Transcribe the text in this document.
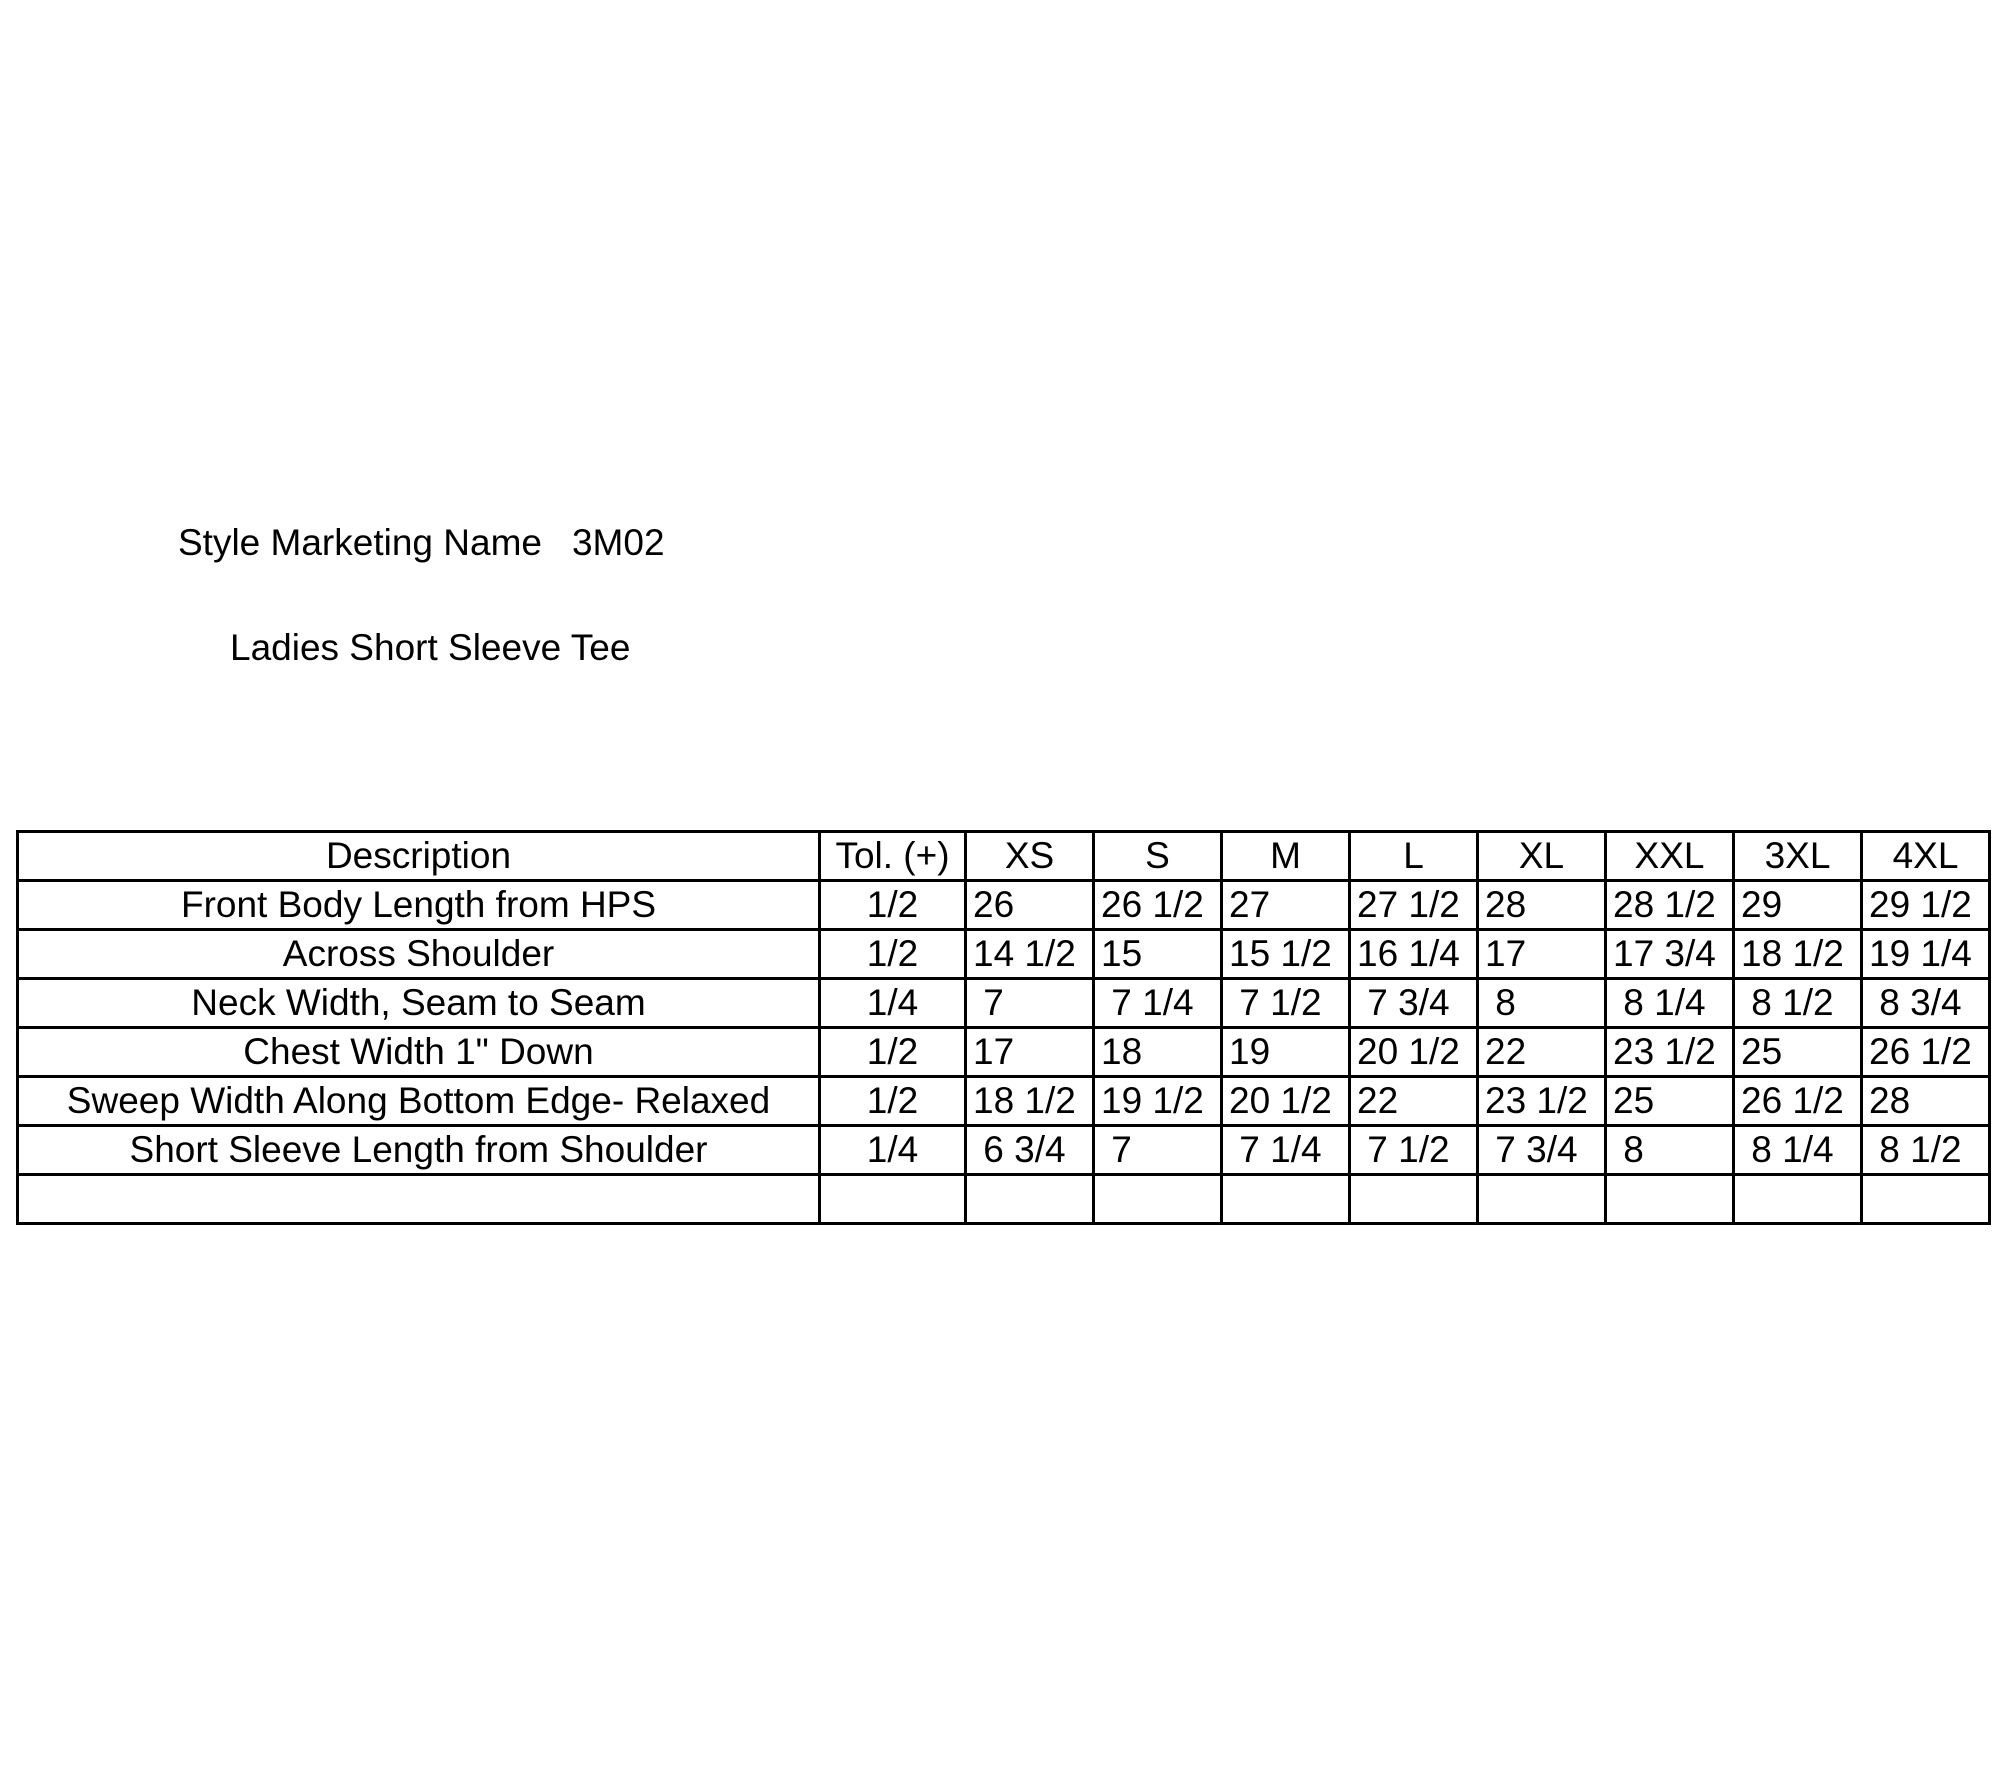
Style Marketing Name 3M02
Ladies Short Sleeve Tee
Description	Tol. (+)	XS	S	M	L	XL	XXL	3XL	4XL
Front Body Length from HPS	1/2	26	26 1/2	27	27 1/2	28	28 1/2	29	29 1/2
Across Shoulder	1/2	14 1/2	15	15 1/2	16 1/4	17	17 3/4	18 1/2	19 1/4
Neck Width, Seam to Seam	1/4	7	7 1/4	7 1/2	7 3/4	8	8 1/4	8 1/2	8 3/4
Chest Width 1" Down	1/2	17	18	19	20 1/2	22	23 1/2	25	26 1/2
Sweep Width Along Bottom Edge- Relaxed	1/2	18 1/2	19 1/2	20 1/2	22	23 1/2	25	26 1/2	28
Short Sleeve Length from Shoulder	1/4	6 3/4	7	7 1/4	7 1/2	7 3/4	8	8 1/4	8 1/2
